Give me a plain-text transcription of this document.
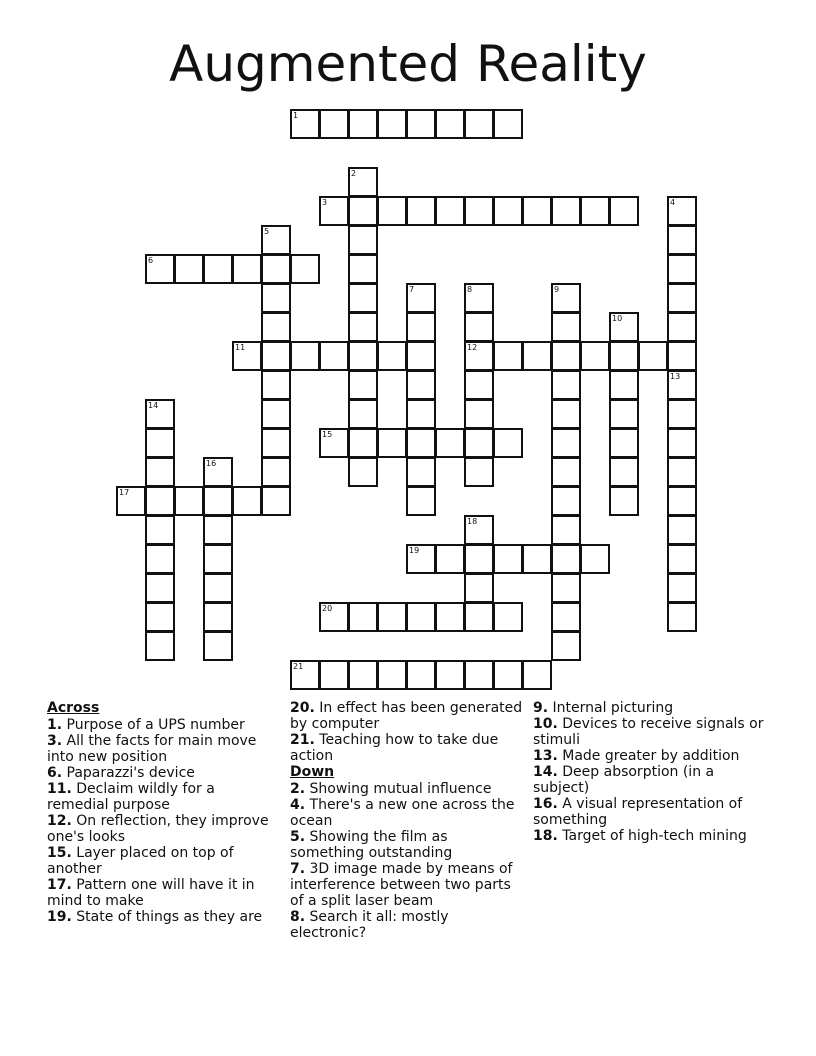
Augmented Reality
1
2
3	4
5
6
7	8
12
9
10
11
13
14
15
16
17
18
19
20
21
Across
1. Purpose of a UPS number
3. All the facts for main move into new position
6. Paparazzi's device
11. Declaim wildly for a remedial purpose
12. On reflection, they improve one's looks
15. Layer placed on top of another
17. Pattern one will have it in mind to make
19. State of things as they are
20. In effect has been generated by computer
21. Teaching how to take due action
Down
2. Showing mutual influence
4. There's a new one across the ocean
5. Showing the film as something outstanding
7. 3D image made by means of interference between two parts of a split laser beam
8. Search it all: mostly electronic?
9. Internal picturing
10. Devices to receive signals or stimuli
13. Made greater by addition
14. Deep absorption (in a subject)
16. A visual representation of something
18. Target of high-tech mining
